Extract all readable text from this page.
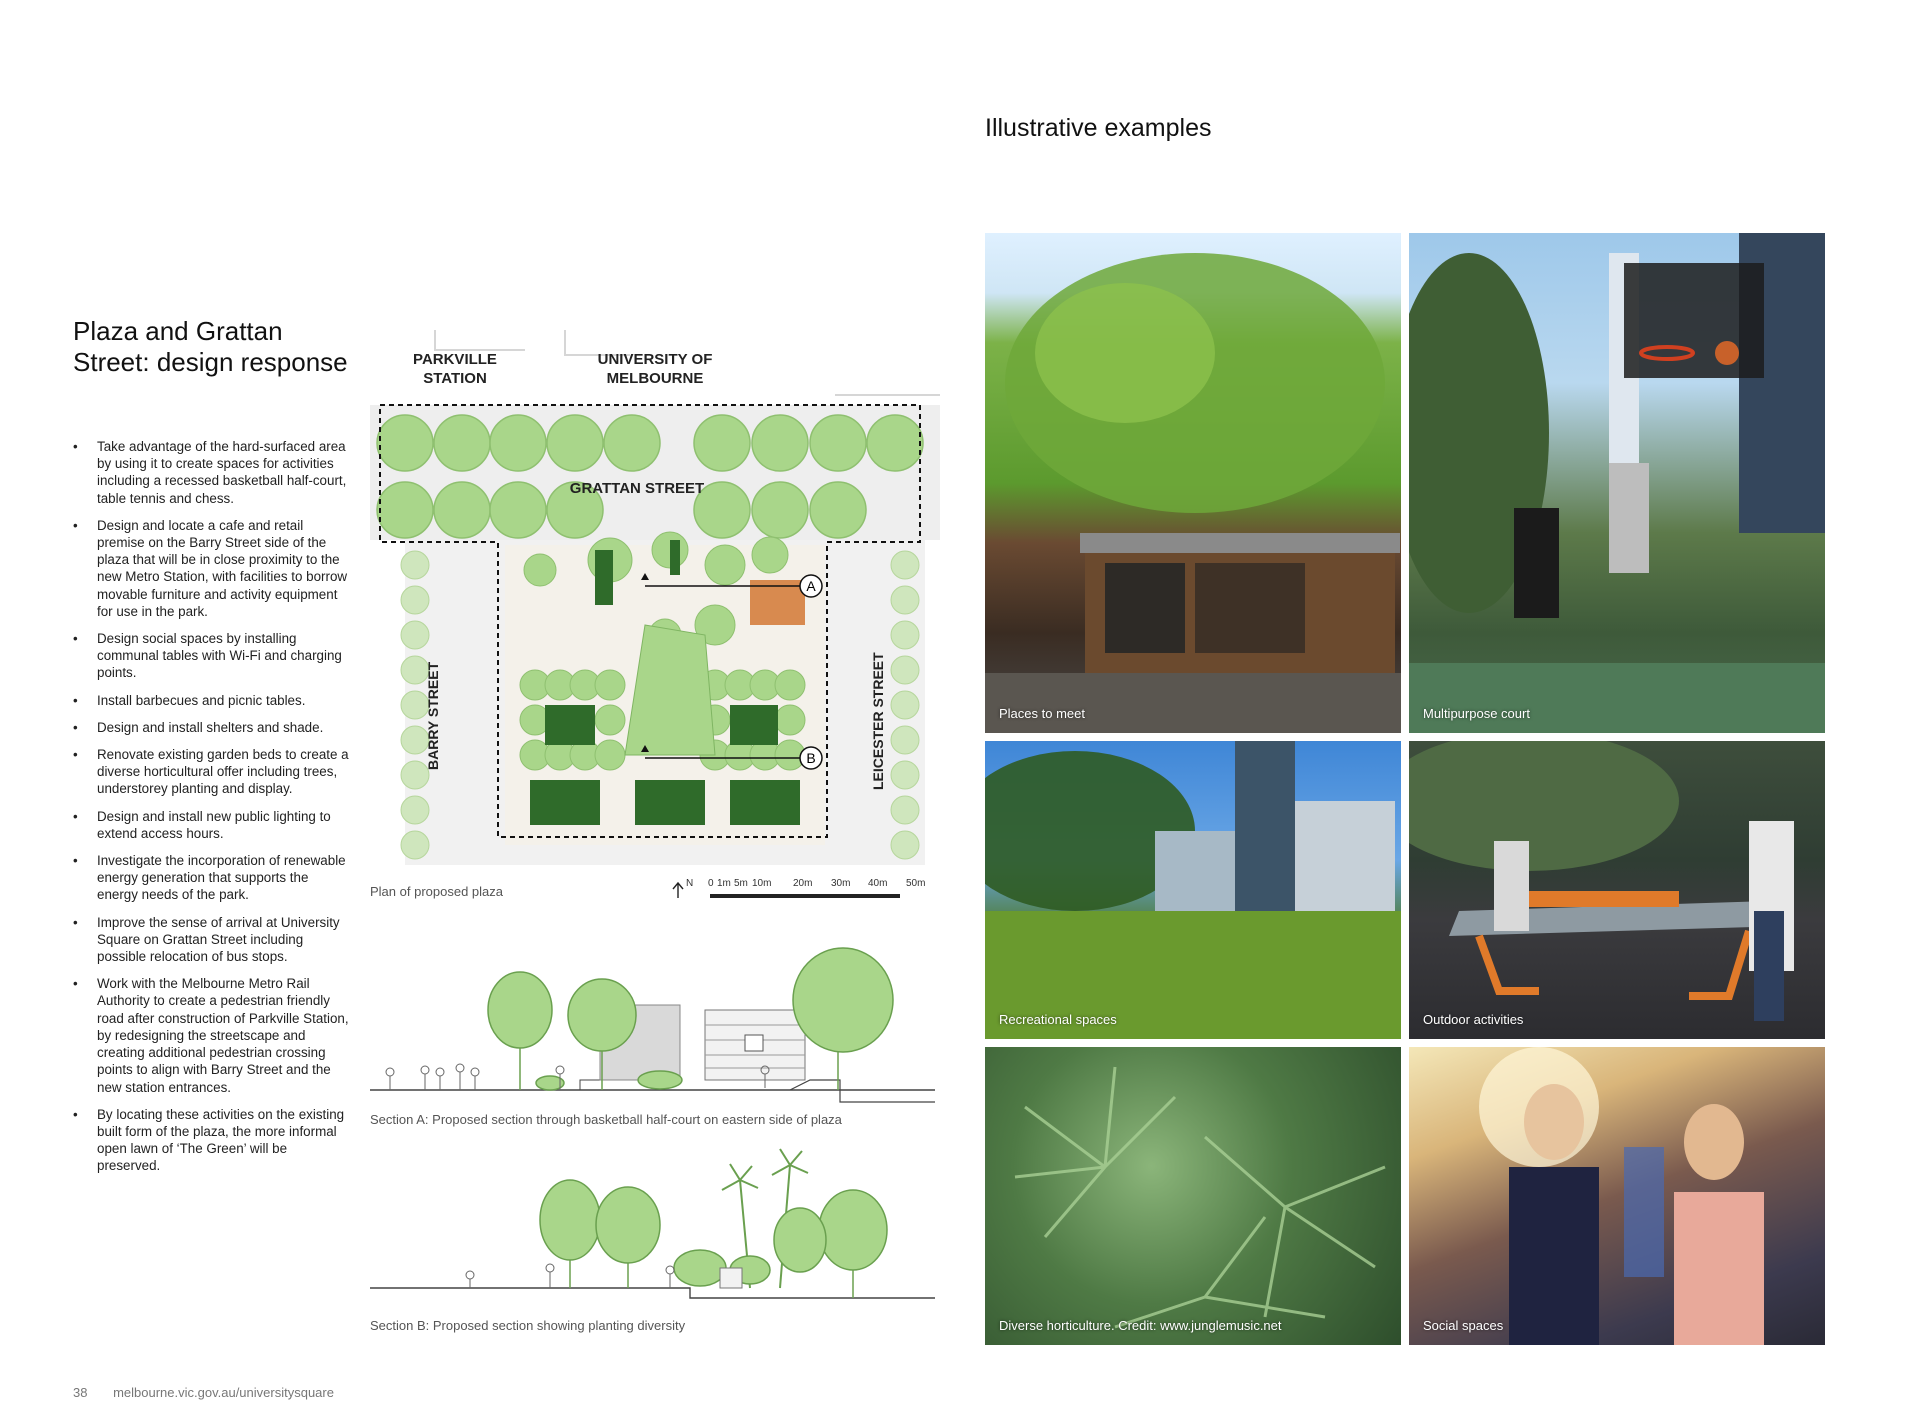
Plaza and Grattan Street: design response
• Take advantage of the hard-surfaced area by using it to create spaces for activities including a recessed basketball half-court, table tennis and chess.
• Design and locate a cafe and retail premise on the Barry Street side of the plaza that will be in close proximity to the new Metro Station, with facilities to borrow movable furniture and activity equipment for use in the park.
• Design social spaces by installing communal tables with Wi-Fi and charging points.
• Install barbecues and picnic tables.
• Design and install shelters and shade.
• Renovate existing garden beds to create a diverse horticultural offer including trees, understorey planting and display.
• Design and install new public lighting to extend access hours.
• Investigate the incorporation of renewable energy generation that supports the energy needs of the park.
• Improve the sense of arrival at University Square on Grattan Street including possible relocation of bus stops.
• Work with the Melbourne Metro Rail Authority to create a pedestrian friendly road after construction of Parkville Station, by redesigning the streetscape and creating additional pedestrian crossing points to align with Barry Street and the new station entrances.
• By locating these activities on the existing built form of the plaza, the more informal open lawn of ‘The Green’ will be preserved.
A
B
GRATTAN STREET
BARRY STREET	LEICESTER STREET
PARKVILLE STATION
UNIVERSITY OF MELBOURNE
Plan of proposed plaza
N 0 1m 5m 10m 20m 30m 40m 50m
Section A: Proposed section through basketball half-court on eastern side of plaza
Section B: Proposed section showing planting diversity
Illustrative examples
Places to meet	Multipurpose court
Recreational spaces	Outdoor activities
Diverse horticulture. Credit: www.junglemusic.net	Social spaces
38 melbourne.vic.gov.au/universitysquare
